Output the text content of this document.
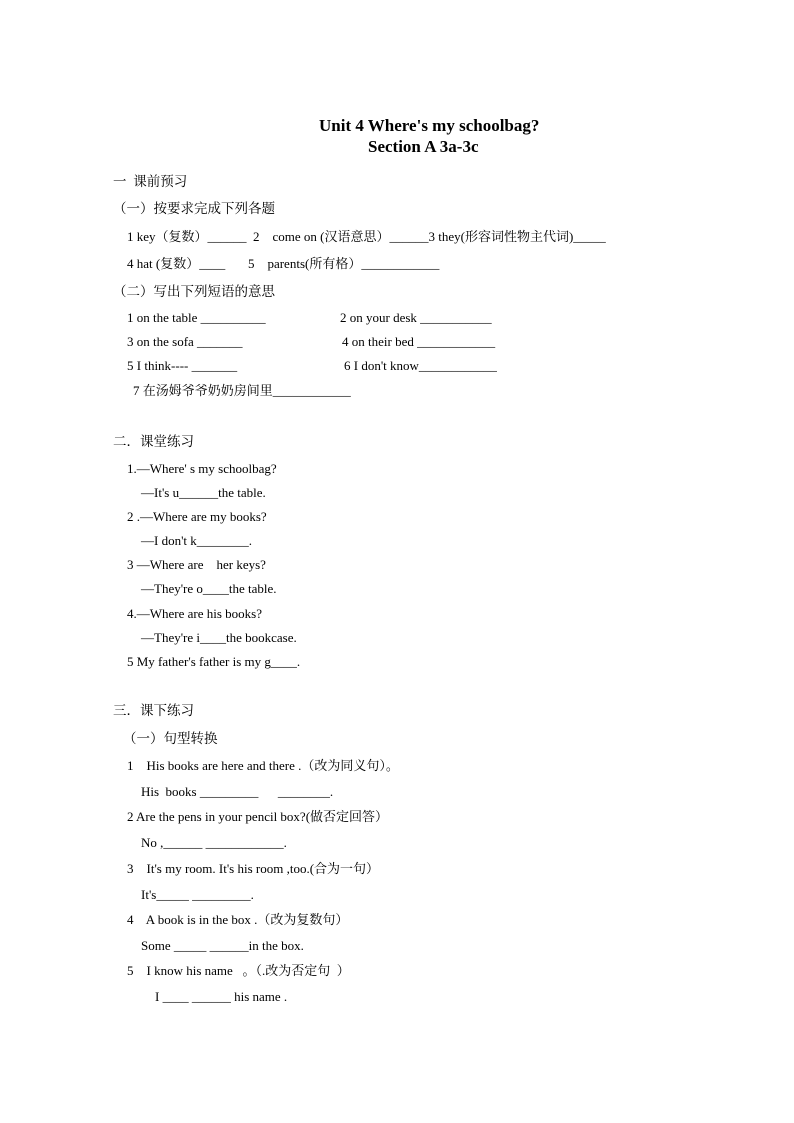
Unit 4 Where's my schoolbag?
Section A 3a-3c
一  课前预习
（一）按要求完成下列各题
1 key（复数）______  2    come on (汉语意思）______3 they(形容词性物主代词)_____
4 hat (复数）____       5    parents(所有格）____________
（二）写出下列短语的意思
1 on the table __________	2 on your desk ___________
3 on the sofa _______	4 on their bed ____________
5 I think---- _______	6 I don't know____________
7 在汤姆爷爷奶奶房间里____________
二．课堂练习
1.—Where' s my schoolbag?
—It's u______the table.
2 .—Where are my books?
—I don't k________.
3 —Where are    her keys?
—They're o____the table.
4.—Where are his books?
—They're i____the bookcase.
5 My father's father is my g____.
三．课下练习
（一）句型转换
1    His books are here and there .（改为同义句）。
His  books _________      ________.
2 Are the pens in your pencil box?(做否定回答）
No ,______ ____________.
3    It's my room. It's his room ,too.(合为一句）
It's_____ _________.
4    A book is in the box .（改为复数句）
Some _____ ______in the box.
5    I know his name   。（.改为否定句  ）
I ____ ______ his name .
